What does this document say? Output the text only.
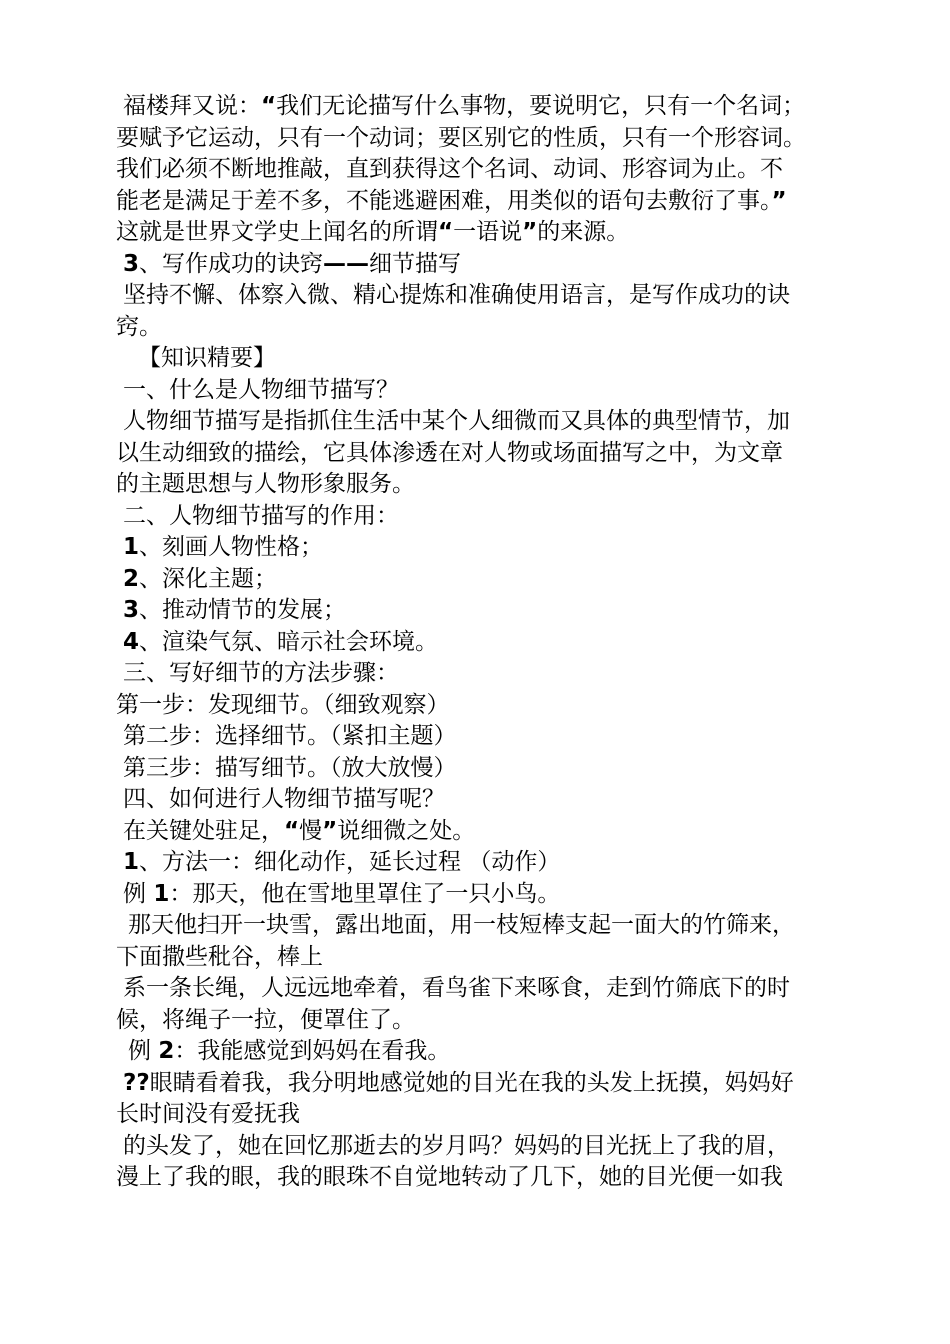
福楼拜又说：“我们无论描写什么事物，要说明它，只有一个名词；
要赋予它运动，只有一个动词；要区别它的性质，只有一个形容词。
我们必须不断地推敲，直到获得这个名词、动词、形容词为止。不
能老是满足于差不多，不能逃避困难，用类似的语句去敷衍了事。”
这就是世界文学史上闻名的所谓“一语说”的来源。
3、写作成功的诀窍——细节描写
坚持不懈、体察入微、精心提炼和准确使用语言，是写作成功的诀
窍。
【知识精要】
一、什么是人物细节描写？
人物细节描写是指抓住生活中某个人细微而又具体的典型情节，加
以生动细致的描绘，它具体渗透在对人物或场面描写之中，为文章
的主题思想与人物形象服务。
二、人物细节描写的作用：
1、刻画人物性格；
2、深化主题；
3、推动情节的发展；
4、渲染气氛、暗示社会环境。
三、写好细节的方法步骤：
第一步：发现细节。（细致观察）
第二步：选择细节。（紧扣主题）
第三步：描写细节。（放大放慢）
四、如何进行人物细节描写呢？
在关键处驻足，“慢”说细微之处。
1、方法一：细化动作，延长过程 （动作）
例 1：那天，他在雪地里罩住了一只小鸟。
那天他扫开一块雪，露出地面，用一枝短棒支起一面大的竹筛来，
下面撒些秕谷，棒上
系一条长绳，人远远地牵着，看鸟雀下来啄食，走到竹筛底下的时
候，将绳子一拉，便罩住了。
例 2：我能感觉到妈妈在看我。
??眼睛看着我，我分明地感觉她的目光在我的头发上抚摸，妈妈好
长时间没有爱抚我
的头发了，她在回忆那逝去的岁月吗？妈妈的目光抚上了我的眉，
漫上了我的眼，我的眼珠不自觉地转动了几下，她的目光便一如我
